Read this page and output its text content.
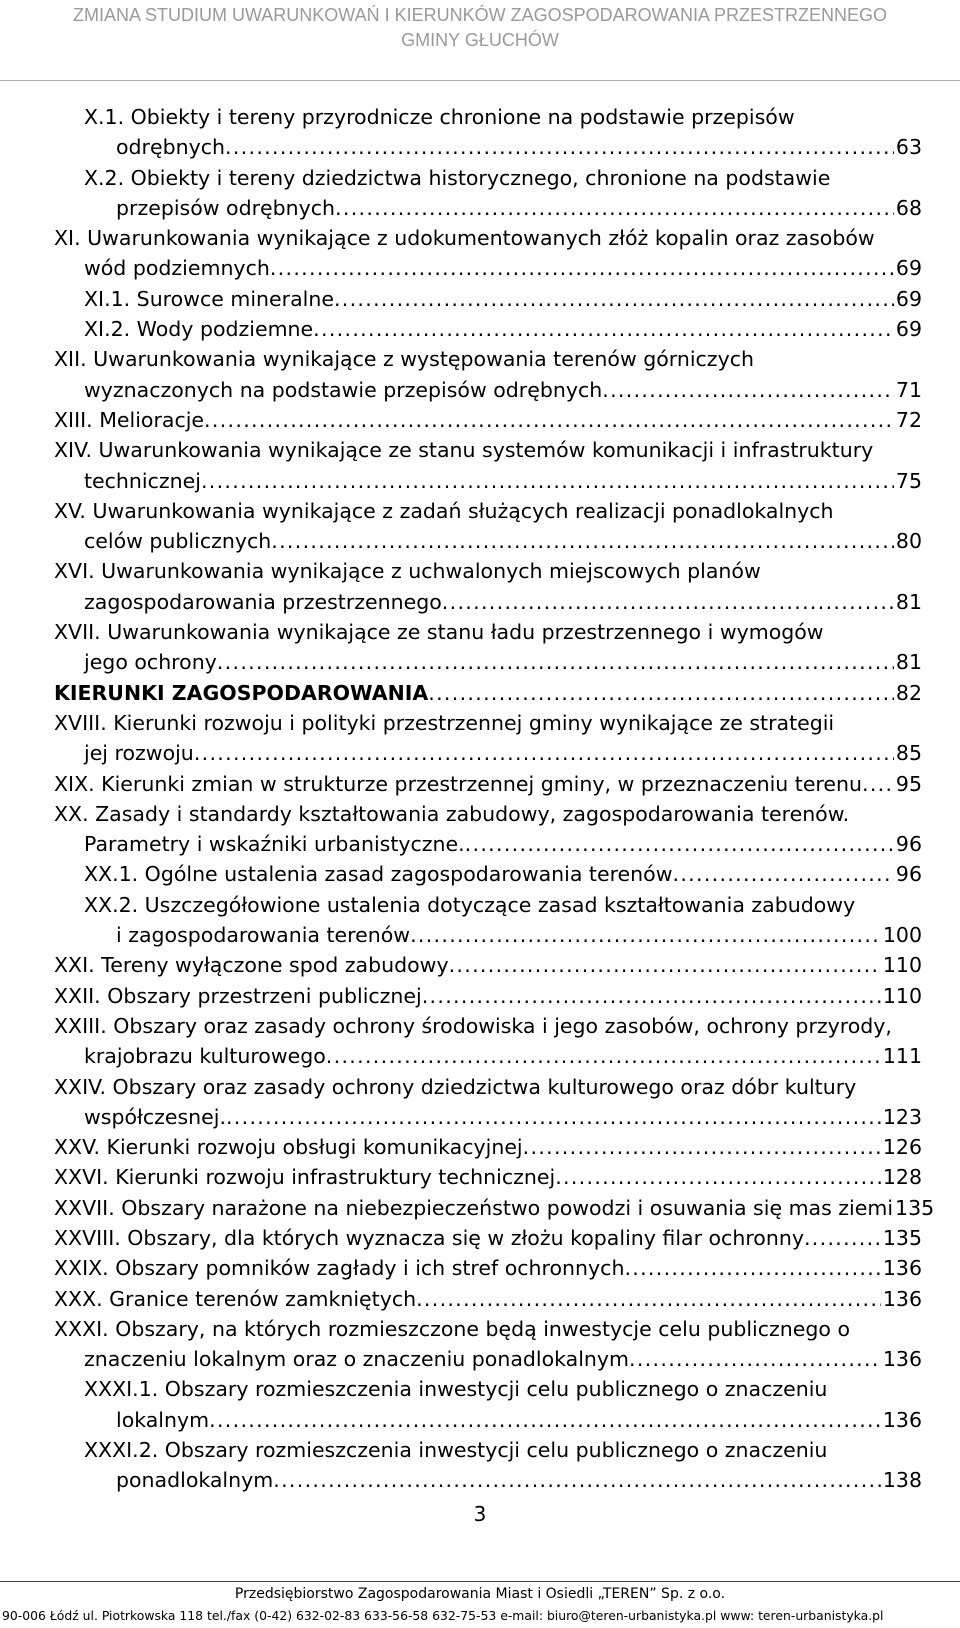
ZMIANA STUDIUM UWARUNKOWAŃ I KIERUNKÓW ZAGOSPODAROWANIA PRZESTRZENNEGO
GMINY GŁUCHÓW
X.1. Obiekty i tereny przyrodnicze chronione na podstawie przepisów
odrębnych . . .	63
X.2. Obiekty i tereny dziedzictwa historycznego, chronione na podstawie
przepisów odrębnych . . .	68
XI. Uwarunkowania wynikające z udokumentowanych złóż kopalin oraz zasobów
wód podziemnych . . .	69
XI.1. Surowce mineralne . . .	69
XI.2. Wody podziemne . . .	69
XII. Uwarunkowania wynikające z występowania terenów górniczych
wyznaczonych na podstawie przepisów odrębnych . . .	71
XIII. Melioracje . . .	72
XIV. Uwarunkowania wynikające ze stanu systemów komunikacji i infrastruktury
technicznej . . .	75
XV. Uwarunkowania wynikające z zadań służących realizacji ponadlokalnych
celów publicznych . . .	80
XVI. Uwarunkowania wynikające z uchwalonych miejscowych planów
zagospodarowania przestrzennego . . .	81
XVII. Uwarunkowania wynikające ze stanu ładu przestrzennego i wymogów
jego ochrony . . .	81
KIERUNKI ZAGOSPODAROWANIA . . .	82
XVIII. Kierunki rozwoju i polityki przestrzennej gminy wynikające ze strategii
jej rozwoju . . .	85
XIX. Kierunki zmian w strukturze przestrzennej gminy, w przeznaczeniu terenu . . . 95
XX. Zasady i standardy kształtowania zabudowy, zagospodarowania terenów.
Parametry i wskaźniki urbanistyczne. . . .	96
XX.1. Ogólne ustalenia zasad zagospodarowania terenów . . .	96
XX.2. Uszczegółowione ustalenia dotyczące zasad kształtowania zabudowy
i zagospodarowania terenów . . .	100
XXI. Tereny wyłączone spod zabudowy . . .	110
XXII. Obszary przestrzeni publicznej . . .	110
XXIII. Obszary oraz zasady ochrony środowiska i jego zasobów, ochrony przyrody,
krajobrazu kulturowego . . .	111
XXIV. Obszary oraz zasady ochrony dziedzictwa kulturowego oraz dóbr kultury
współczesnej. . . .	123
XXV. Kierunki rozwoju obsługi komunikacyjnej . . .	126
XXVI. Kierunki rozwoju infrastruktury technicznej . . .	128
XXVII. Obszary narażone na niebezpieczeństwo powodzi i osuwania się mas ziemi 135
XXVIII. Obszary, dla których wyznacza się w złożu kopaliny filar ochronny . . .	135
XXIX. Obszary pomników zagłady i ich stref ochronnych . . .	136
XXX. Granice terenów zamkniętych . . .	136
XXXI. Obszary, na których rozmieszczone będą inwestycje celu publicznego o
znaczeniu lokalnym oraz o znaczeniu ponadlokalnym . . .	136
XXXI.1. Obszary rozmieszczenia inwestycji celu publicznego o znaczeniu
lokalnym . . .	136
XXXI.2. Obszary rozmieszczenia inwestycji celu publicznego o znaczeniu
ponadlokalnym . . .	138
3
Przedsiębiorstwo Zagospodarowania Miast i Osiedli „TEREN” Sp. z o.o.
90-006 Łódź ul. Piotrkowska 118 tel./fax (0-42) 632-02-83 633-56-58 632-75-53 e-mail: biuro@teren-urbanistyka.pl www: teren-urbanistyka.pl
